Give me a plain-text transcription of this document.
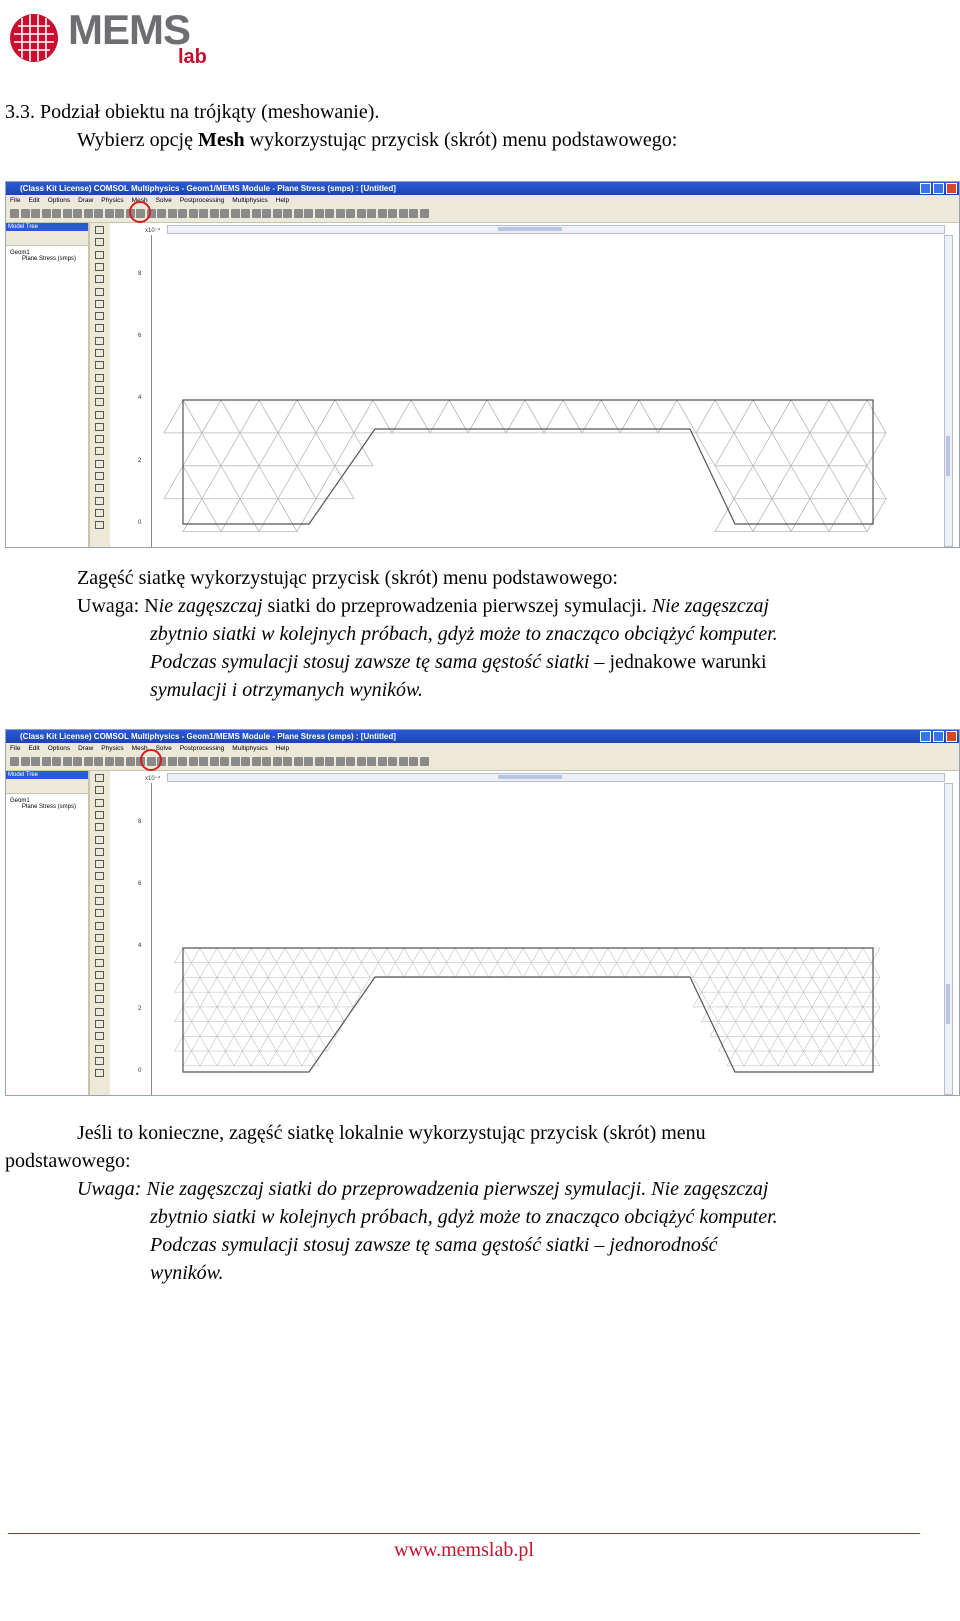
MEMS
lab
3.3. Podział obiektu na trójkąty (meshowanie).
Wybierz opcję Mesh wykorzystując przycisk (skrót) menu podstawowego:
(Class Kit License) COMSOL Multiphysics - Geom1/MEMS Module - Plane Stress (smps) : [Untitled]
File Edit Options Draw Physics Mesh Solve Postprocessing Multiphysics Help
Model Tree
Geom1
Plane Stress (smps)
x10⁻⁴
8
6
4
2
0
Zagęść siatkę wykorzystując przycisk (skrót) menu podstawowego:
Uwaga: Nie zagęszczaj siatki do przeprowadzenia pierwszej symulacji. Nie zagęszczaj
zbytnio siatki w kolejnych próbach, gdyż może to znacząco obciążyć komputer.
Podczas symulacji stosuj zawsze tę sama gęstość siatki – jednakowe warunki
symulacji i otrzymanych wyników.
(Class Kit License) COMSOL Multiphysics - Geom1/MEMS Module - Plane Stress (smps) : [Untitled]
File Edit Options Draw Physics Mesh Solve Postprocessing Multiphysics Help
Model Tree
Geom1
Plane Stress (smps)
x10⁻⁴
8
6
4
2
0
Jeśli to konieczne, zagęść siatkę lokalnie wykorzystując przycisk (skrót) menu
podstawowego:
Uwaga: Nie zagęszczaj siatki do przeprowadzenia pierwszej symulacji. Nie zagęszczaj
zbytnio siatki w kolejnych próbach, gdyż może to znacząco obciążyć komputer.
Podczas symulacji stosuj zawsze tę sama gęstość siatki – jednorodność
wyników.
www.memslab.pl
